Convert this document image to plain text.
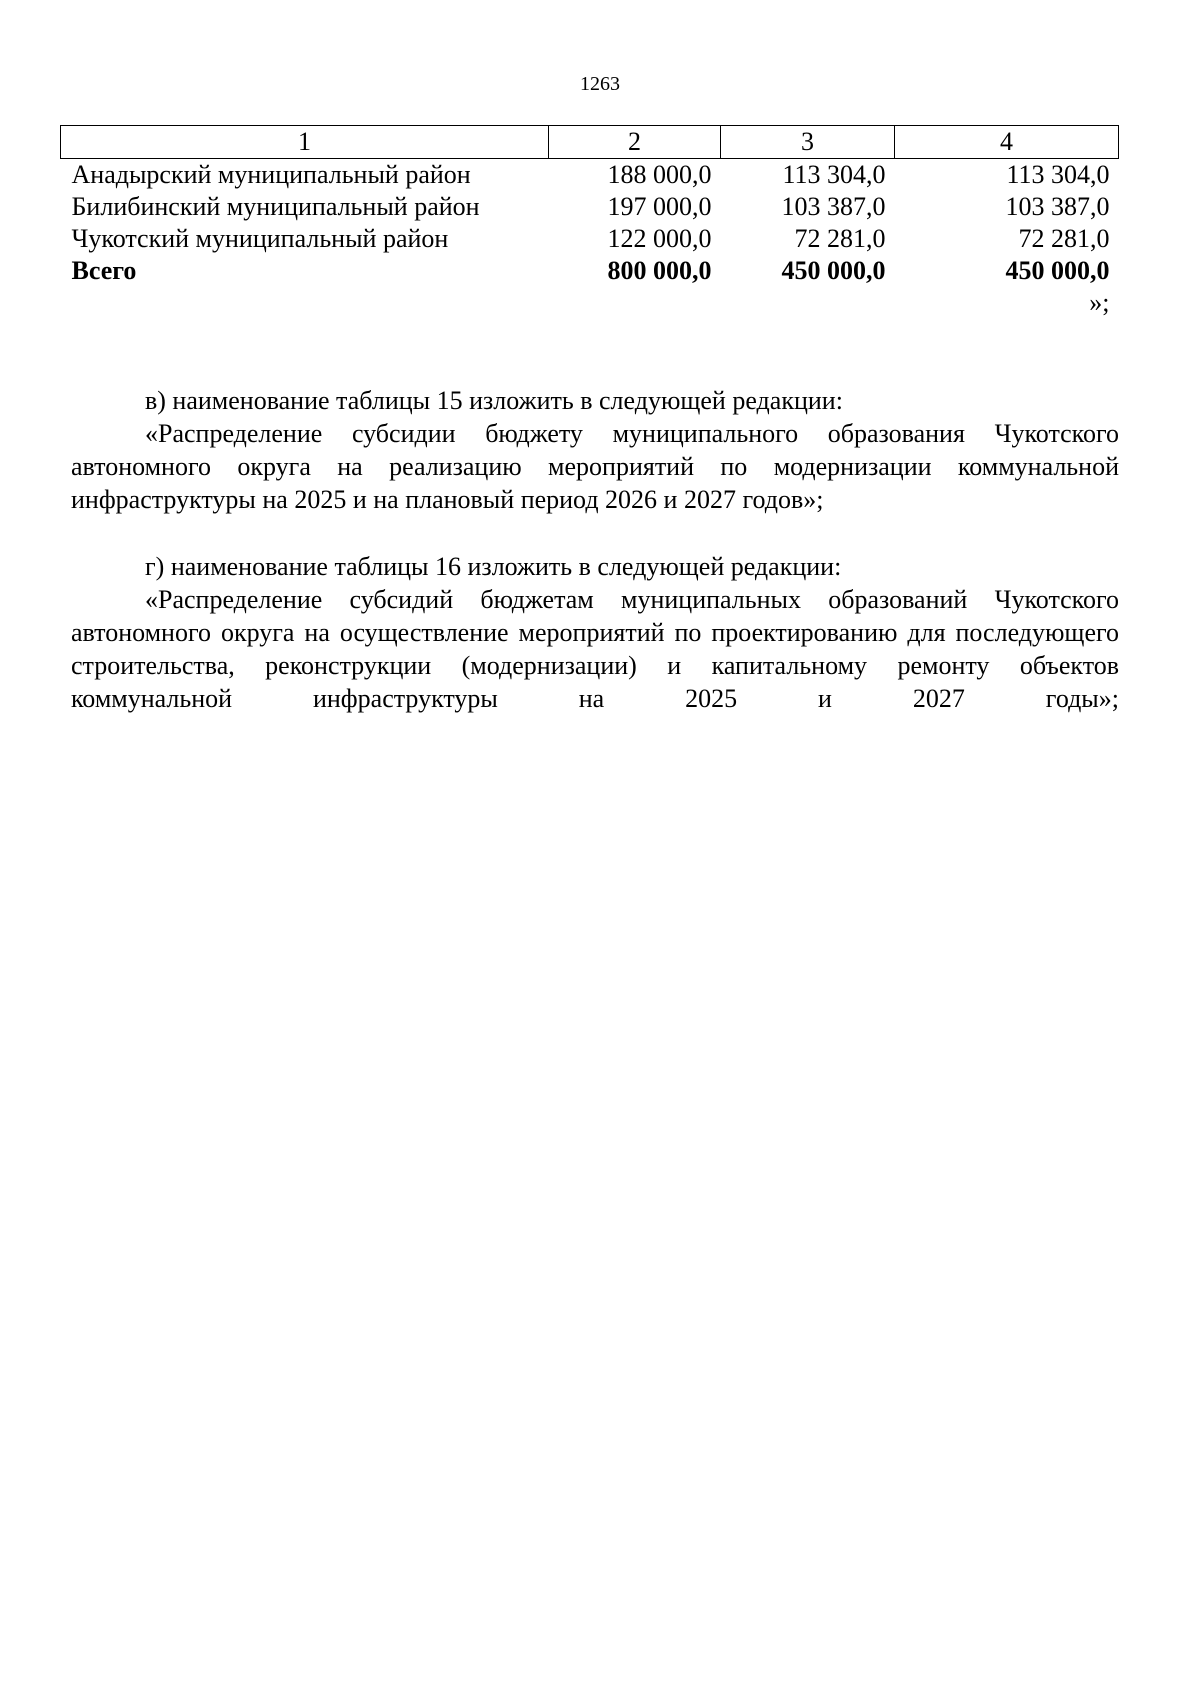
1263
1	2	3	4
Анадырский муниципальный район	188 000,0	113 304,0	113 304,0
Билибинский муниципальный район	197 000,0	103 387,0	103 387,0
Чукотский муниципальный район	122 000,0	72 281,0	72 281,0
Всего	800 000,0	450 000,0	450 000,0
»;			

в) наименование таблицы 15 изложить в следующей редакции:

«Распределение субсидии бюджету муниципального образования Чукотского автономного округа на реализацию мероприятий по модернизации коммунальной инфраструктуры на 2025 и на плановый период 2026 и 2027 годов»;

г) наименование таблицы 16 изложить в следующей редакции:

«Распределение субсидий бюджетам муниципальных образований Чукотского автономного округа на осуществление мероприятий по проектированию для последующего строительства, реконструкции (модернизации) и капитальному ремонту объектов коммунальной инфраструктуры на 2025 и 2027 годы»;
